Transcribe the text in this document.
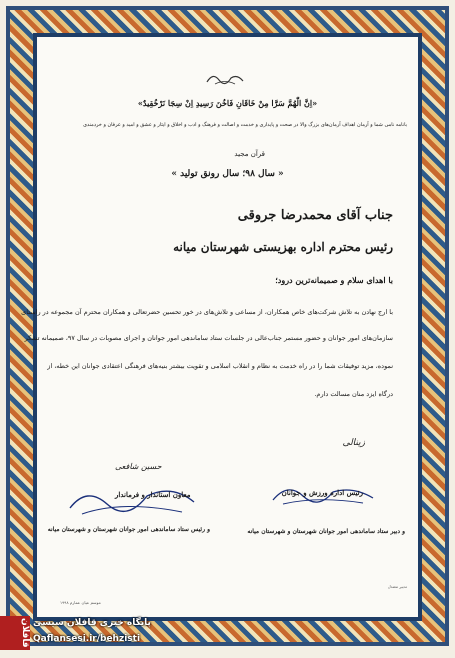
«اِنَّ الّٰهُمَّ سَرَّا مِنْ خَاقَانِ فَاخُنَ رَسِیدِ اِنْ سِجَا نَرْخُقِیدٌ»
بانامه نامی شما و آرمان اهداف آرمان‌های بزرگ والا در صحت و پایداری و خدمت و اصالت و فرهنگ و ادب و اخلاق و ایثار و عشق و امید و عرفان و خردمندی
قرآن مجید
« سال ۹۸؛ سال رونق تولید »
جناب آقای محمدرضا جروقی
رئیس محترم اداره بهزیستی شهرستان میانه
با اهدای سلام و صمیمانه‌ترین درود؛
با ارج نهادن به تلاش شرکت‌های خاص همکاران، از مساعی و تلاش‌های در خور تحسین حضرتعالی و همکاران محترم آن مجموعه در راستای
سازمان‌های امور جوانان و حضور مستمر جناب‌عالی در جلسات ستاد ساماندهی امور جوانان و اجرای مصوبات در سال ۹۷، صمیمانه تشکر
نموده، مزید توفیقات شما را در راه خدمت به نظام و انقلاب اسلامی و تقویت بیشتر بنیه‌های فرهنگی اعتقادی جوانان این خطه، از
درگاه ایزد منان مسالت دارم.
زینالی
رئیس اداره ورزش و جوانان
و دبیر ستاد ساماندهی امور جوانان شهرستان و شهرستان میانه
حسین شافعی
معاون استاندار و فرماندار
و رئیس ستاد ساماندهی امور جوانان شهرستان و شهرستان میانه
تدبیر معتدل
موسم عیان عمارم ۱۹۹۸
قافلان پایگاه خبری قافلان سیسی
Qaflansesi.ir/behzisti
